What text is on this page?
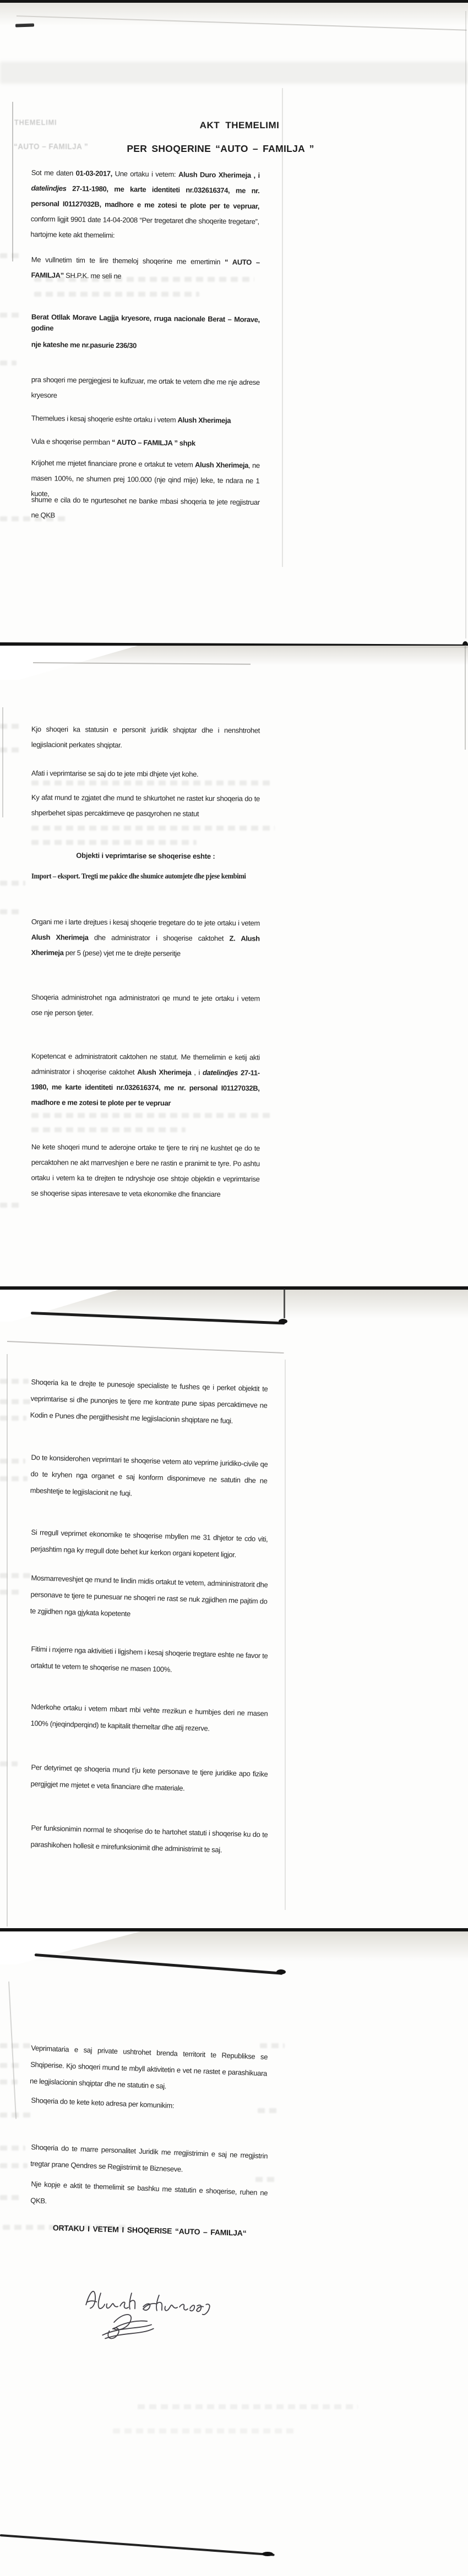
THEMELIMI

“AUTO – FAMILJA ”

AKT THEMELIMI

PER SHOQERINE “AUTO – FAMILJA ”

Sot me daten 01-03-2017, Une ortaku i vetem: Alush Duro Xherimeja , i datelindjes 27-11-1980, me karte identiteti nr.032616374, me nr. personal I01127032B, madhore e me zotesi te plote per te vepruar, conform ligjit 9901 date 14-04-2008 “Per tregetaret dhe shoqerite tregetare”, hartojme kete akt themelimi:

Me vullnetim tim te lire themeloj shoqerine me emertimin “ AUTO – FAMILJA” SH.P.K. me seli ne

Berat Otllak Morave Lagjja kryesore, rruga nacionale Berat – Morave, godine

nje kateshe me nr.pasurie 236/30

pra shoqeri me pergjegjesi te kufizuar, me ortak te vetem dhe me nje adrese kryesore

Themelues i kesaj shoqerie eshte ortaku i vetem Alush Xherimeja

Vula e shoqerise permban “ AUTO – FAMILJA ” shpk

Krijohet me mjetet financiare prone e ortakut te vetem Alush Xherimeja, ne masen 100%, ne shumen prej 100.000 (nje qind mije) leke, te ndara ne 1 kuote,

shume e cila do te ngurtesohet ne banke mbasi shoqeria te jete regjistruar ne QKB

Kjo shoqeri ka statusin e personit juridik shqiptar dhe i nenshtrohet legjislacionit perkates shqiptar.

Afati i veprimtarise se saj do te jete mbi dhjete vjet kohe.

Ky afat mund te zgjatet dhe mund te shkurtohet ne rastet kur shoqeria do te shperbehet sipas percaktimeve qe pasqyrohen ne statut

Objekti i veprimtarise se shoqerise eshte :

Import – eksport. Tregti me pakice dhe shumice automjete dhe pjese kembimi

Organi me i larte drejtues i kesaj shoqerie tregetare do te jete ortaku i vetem Alush Xherimeja dhe administrator i shoqerise caktohet Z. Alush Xherimeja per 5 (pese) vjet me te drejte perseritje

Shoqeria administrohet nga administratori qe mund te jete ortaku i vetem ose nje person tjeter.

Kopetencat e administratorit caktohen ne statut. Me themelimin e ketij akti administrator i shoqerise caktohet Alush Xherimeja , i datelindjes 27-11-1980, me karte identiteti nr.032616374, me nr. personal I01127032B, madhore e me zotesi te plote per te vepruar

Ne kete shoqeri mund te aderojne ortake te tjere te rinj ne kushtet qe do te percaktohen ne akt marrveshjen e bere ne rastin e pranimit te tyre. Po ashtu ortaku i vetem ka te drejten te ndryshoje ose shtoje objektin e veprimtarise se shoqerise sipas interesave te veta ekonomike dhe financiare

Shoqeria ka te drejte te punesoje specialiste te fushes qe i perket objektit te veprimtarise si dhe punonjes te tjere me kontrate pune sipas percaktimeve ne Kodin e Punes dhe pergjithesisht me legjislacionin shqiptare ne fuqi.

Do te konsiderohen veprimtari te shoqerise vetem ato veprime juridiko-civile qe do te kryhen nga organet e saj konform disponimeve ne satutin dhe ne mbeshtetje te legjislacionit ne fuqi.

Si rregull veprimet ekonomike te shoqerise mbyllen me 31 dhjetor te cdo viti, perjashtim nga ky rregull dote behet kur kerkon organi kopetent ligjor.

Mosmarreveshjet qe mund te lindin midis ortakut te vetem, admininistratorit dhe personave te tjere te punesuar ne shoqeri ne rast se nuk zgjidhen me pajtim do te zgjidhen nga gjykata kopetente

Fitimi i nxjerre nga aktivitieti i ligjshem i kesaj shoqerie tregtare eshte ne favor te ortaktut te vetem te shoqerise ne masen 100%.

Nderkohe ortaku i vetem mbart mbi vehte rrezikun e humbjes deri ne masen 100% (njeqindperqind) te kapitalit themeltar dhe atij rezerve.

Per detyrimet qe shoqeria mund t’ju kete personave te tjere juridike apo fizike pergjigjet me mjetet e veta financiare dhe materiale.

Per funksionimin normal te shoqerise do te hartohet statuti i shoqerise ku do te parashikohen hollesit e mirefunksionimit dhe administrimit te saj.

Veprimataria e saj private ushtrohet brenda territorit te Republikse se Shqiperise. Kjo shoqeri mund te mbyll aktivitetin e vet ne rastet e parashikuara ne legjislacionin shqiptar dhe ne statutin e saj.

Shoqeria do te kete keto adresa per komunikim:

Shoqeria do te marre personalitet Juridik me rregjistrimin e saj ne rregjistrin tregtar prane Qendres se Regjistrimit te Bizneseve.

Nje kopje e aktit te themelimit se bashku me statutin e shoqerise, ruhen ne QKB.

ORTAKU I VETEM I SHOQERISE “AUTO – FAMILJA“
